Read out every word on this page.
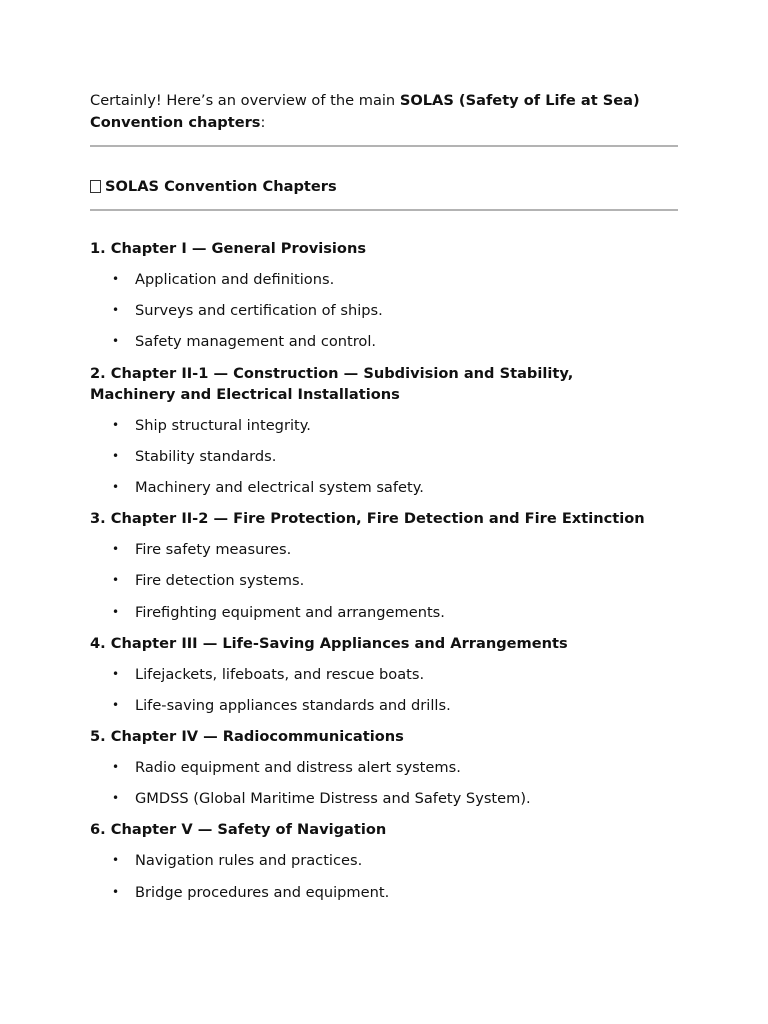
Certainly! Here’s an overview of the main SOLAS (Safety of Life at Sea)
Convention chapters:

SOLAS Convention Chapters
1. Chapter I — General Provisions
• Application and definitions.
• Surveys and certification of ships.
• Safety management and control.
2. Chapter II-1 — Construction — Subdivision and Stability,
Machinery and Electrical Installations
• Ship structural integrity.
• Stability standards.
• Machinery and electrical system safety.
3. Chapter II-2 — Fire Protection, Fire Detection and Fire Extinction
• Fire safety measures.
• Fire detection systems.
• Firefighting equipment and arrangements.
4. Chapter III — Life-Saving Appliances and Arrangements
• Lifejackets, lifeboats, and rescue boats.
• Life-saving appliances standards and drills.
5. Chapter IV — Radiocommunications
• Radio equipment and distress alert systems.
• GMDSS (Global Maritime Distress and Safety System).
6. Chapter V — Safety of Navigation
• Navigation rules and practices.
• Bridge procedures and equipment.
